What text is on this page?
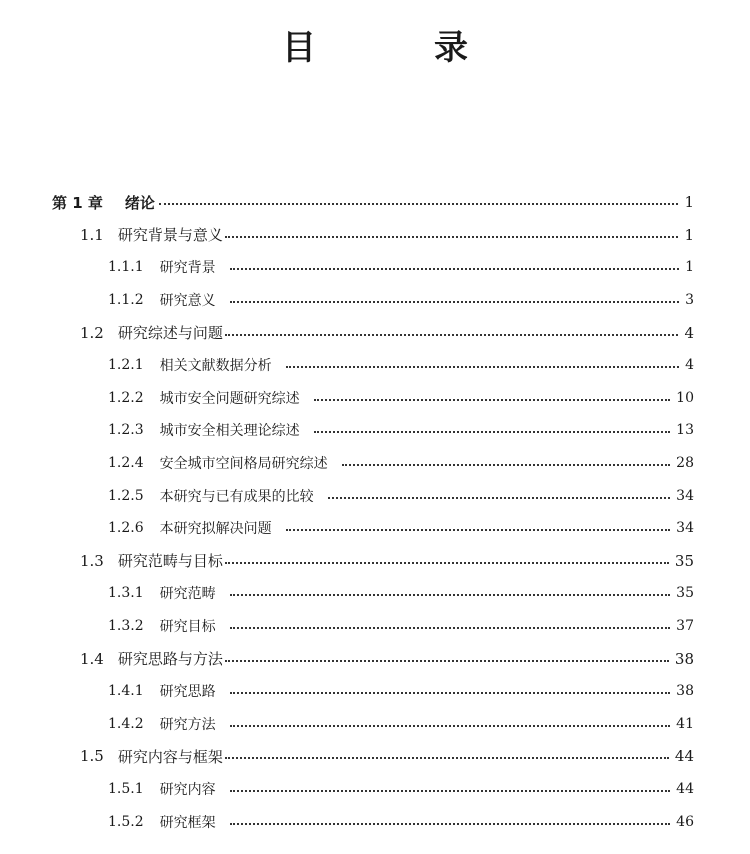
目　录
第 1 章 绪论	1
1.1 研究背景与意义	1
1.1.1 研究背景	1
1.1.2 研究意义	3
1.2 研究综述与问题	4
1.2.1 相关文献数据分析	4
1.2.2 城市安全问题研究综述	10
1.2.3 城市安全相关理论综述	13
1.2.4 安全城市空间格局研究综述	28
1.2.5 本研究与已有成果的比较	34
1.2.6 本研究拟解决问题	34
1.3 研究范畴与目标	35
1.3.1 研究范畴	35
1.3.2 研究目标	37
1.4 研究思路与方法	38
1.4.1 研究思路	38
1.4.2 研究方法	41
1.5 研究内容与框架	44
1.5.1 研究内容	44
1.5.2 研究框架	46
